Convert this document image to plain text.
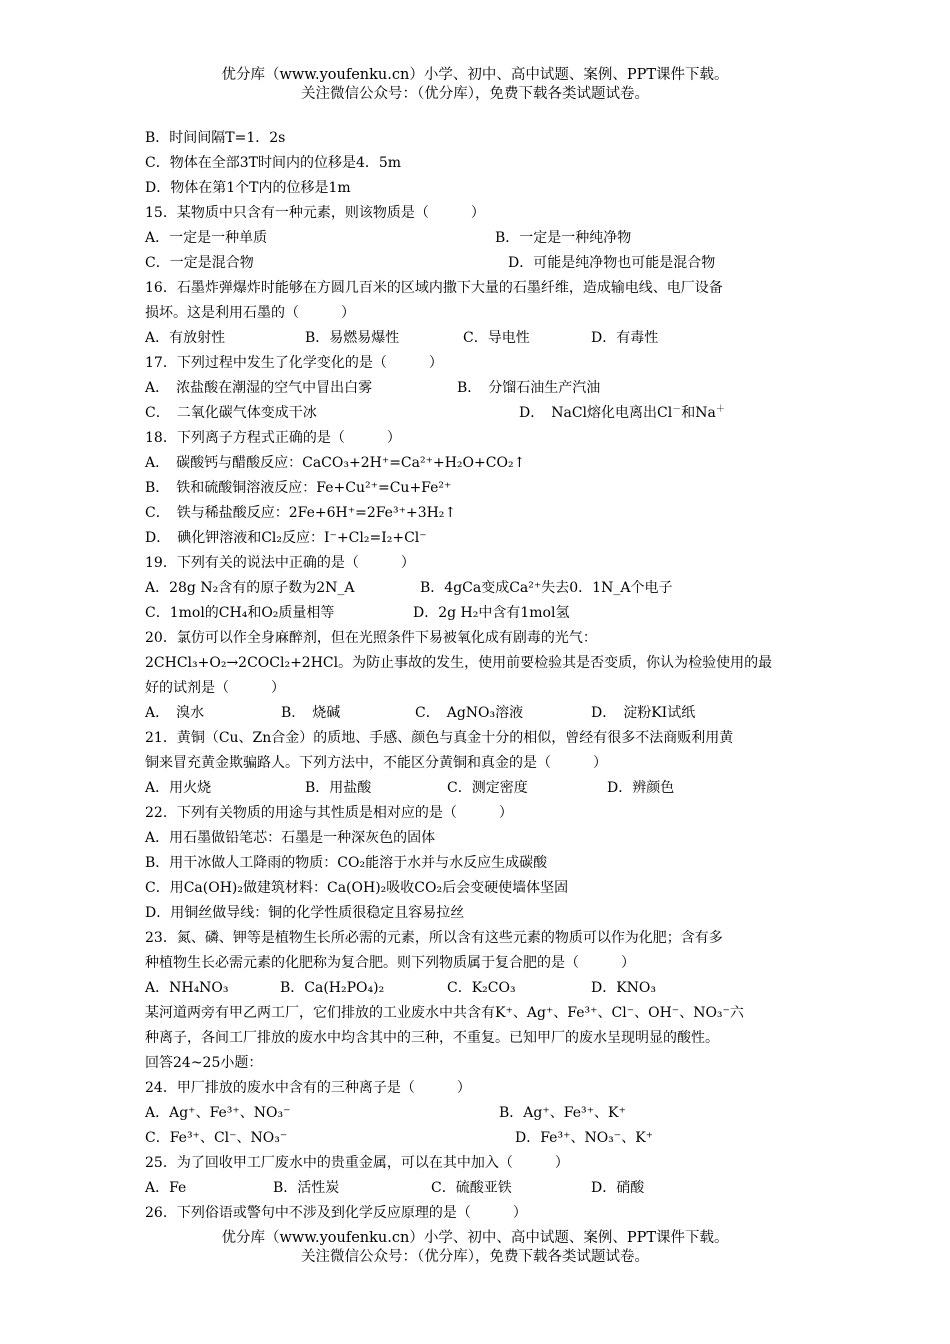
优分库（www.youfenku.cn）小学、初中、高中试题、案例、PPT课件下载。
关注微信公众号：（优分库），免费下载各类试题试卷。
B．时间间隔T=1．2s
C．物体在全部3T时间内的位移是4．5m
D．物体在第1个T内的位移是1m
15．某物质中只含有一种元素，则该物质是（　　　）
A．一定是一种单质	B．一定是一种纯净物
C．一定是混合物	D．可能是纯净物也可能是混合物
16．石墨炸弹爆炸时能够在方圆几百米的区域内撒下大量的石墨纤维，造成输电线、电厂设备
损坏。这是利用石墨的（　　　）
A．有放射性	B．易燃易爆性	C．导电性	D．有毒性
17．下列过程中发生了化学变化的是（　　　）
A．　浓盐酸在潮湿的空气中冒出白雾	B．　分馏石油生产汽油
C．　二氧化碳气体变成干冰	D．　NaCl熔化电离出Cl－和Na＋
18．下列离子方程式正确的是（　　　）
A．　碳酸钙与醋酸反应：CaCO₃+2H⁺=Ca²⁺+H₂O+CO₂↑
B．　铁和硫酸铜溶液反应：Fe+Cu²⁺=Cu+Fe²⁺
C．　铁与稀盐酸反应：2Fe+6H⁺=2Fe³⁺+3H₂↑
D．　碘化钾溶液和Cl₂反应：I⁻+Cl₂=I₂+Cl⁻
19．下列有关的说法中正确的是（　　　）
A．28g N₂含有的原子数为2N_A	B．4gCa变成Ca²⁺失去0．1N_A个电子
C．1mol的CH₄和O₂质量相等	D．2g H₂中含有1mol氢
20．氯仿可以作全身麻醉剂，但在光照条件下易被氧化成有剧毒的光气：
2CHCl₃+O₂→2COCl₂+2HCl。为防止事故的发生，使用前要检验其是否变质，你认为检验使用的最
好的试剂是（　　　）
A．　溴水	B．　烧碱	C．　AgNO₃溶液	D．　淀粉KI试纸
21．黄铜（Cu、Zn合金）的质地、手感、颜色与真金十分的相似，曾经有很多不法商贩利用黄
铜来冒充黄金欺骗路人。下列方法中，不能区分黄铜和真金的是（　　　）
A．用火烧	B．用盐酸	C．测定密度	D．辨颜色
22．下列有关物质的用途与其性质是相对应的是（　　　）
A．用石墨做铅笔芯：石墨是一种深灰色的固体
B．用干冰做人工降雨的物质：CO₂能溶于水并与水反应生成碳酸
C．用Ca(OH)₂做建筑材料：Ca(OH)₂吸收CO₂后会变硬使墙体坚固
D．用铜丝做导线：铜的化学性质很稳定且容易拉丝
23．氮、磷、钾等是植物生长所必需的元素，所以含有这些元素的物质可以作为化肥；含有多
种植物生长必需元素的化肥称为复合肥。则下列物质属于复合肥的是（　　　）
A．NH₄NO₃	B．Ca(H₂PO₄)₂	C．K₂CO₃	D．KNO₃
某河道两旁有甲乙两工厂，它们排放的工业废水中共含有K⁺、Ag⁺、Fe³⁺、Cl⁻、OH⁻、NO₃⁻六
种离子，各间工厂排放的废水中均含其中的三种，不重复。已知甲厂的废水呈现明显的酸性。
回答24~25小题：
24．甲厂排放的废水中含有的三种离子是（　　　）
A．Ag⁺、Fe³⁺、NO₃⁻	B．Ag⁺、Fe³⁺、K⁺
C．Fe³⁺、Cl⁻、NO₃⁻	D．Fe³⁺、NO₃⁻、K⁺
25．为了回收甲工厂废水中的贵重金属，可以在其中加入（　　　）
A．Fe	B．活性炭	C．硫酸亚铁	D．硝酸
26．下列俗语或警句中不涉及到化学反应原理的是（　　　）
优分库（www.youfenku.cn）小学、初中、高中试题、案例、PPT课件下载。
关注微信公众号：（优分库），免费下载各类试题试卷。
